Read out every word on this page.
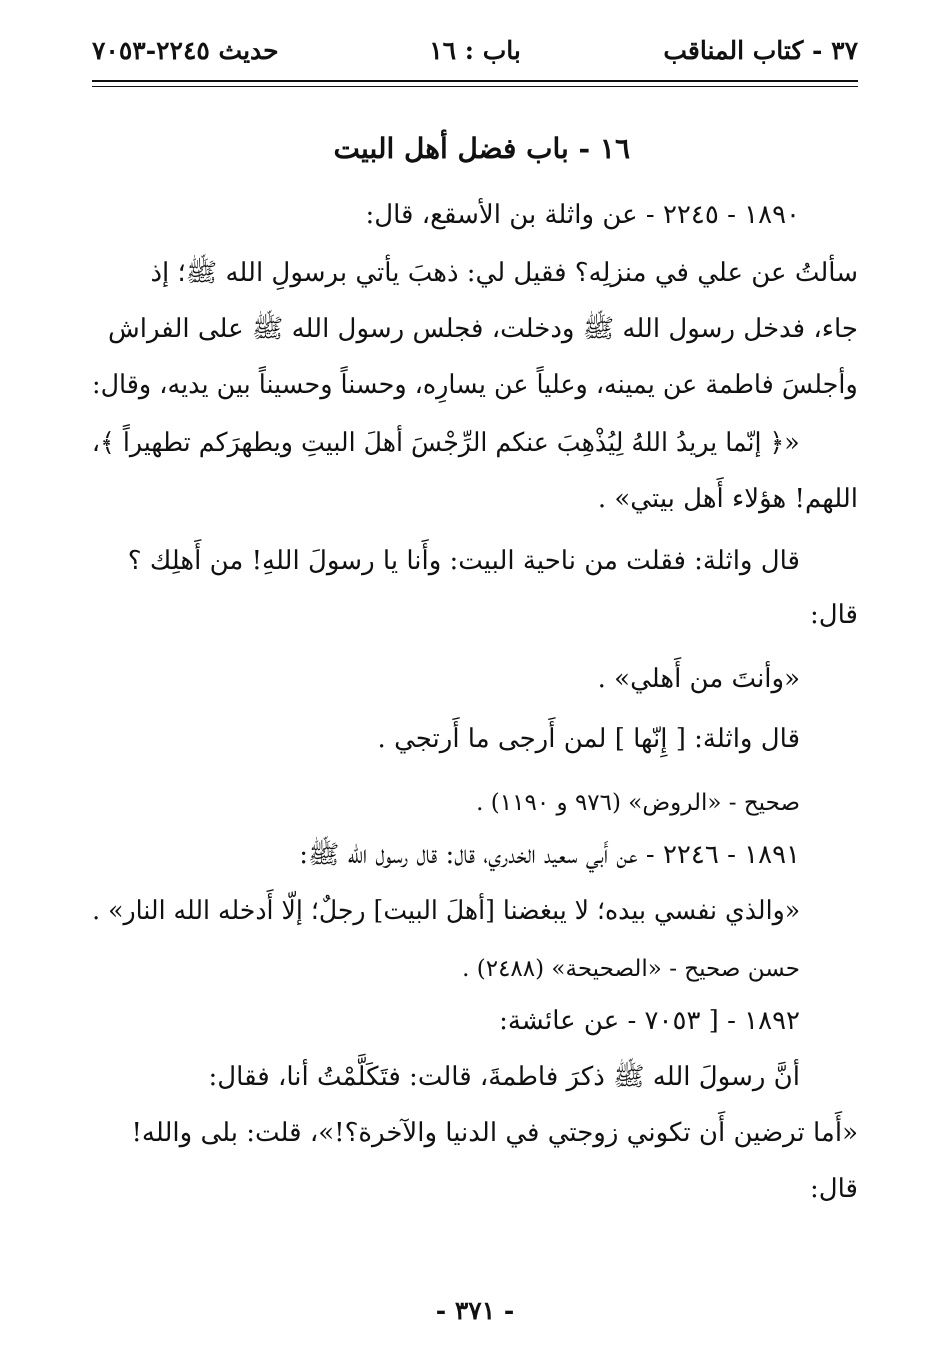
٣٧ - كتاب المناقب
باب : ١٦
حديث ٢٢٤٥-٧٠٥٣
١٦ - باب فضل أهل البيت
١٨٩٠ - ٢٢٤٥ - عن واثلة بن الأسقع، قال:
سألتُ عن علي في منزلِه؟ فقيل لي: ذهبَ يأتي برسولِ الله ﷺ؛ إذ
جاء، فدخل رسول الله ﷺ ودخلت، فجلس رسول الله ﷺ على الفراش
وأجلسَ فاطمة عن يمينه، وعلياً عن يسارِه، وحسناً وحسيناً بين يديه، وقال:
«﴿ إنّما يريدُ اللهُ لِيُذْهِبَ عنكم الرِّجْسَ أهلَ البيتِ ويطهرَكم تطهيراً ﴾،
اللهم! هؤلاء أَهل بيتي» .
قال واثلة: فقلت من ناحية البيت: وأَنا يا رسولَ اللهِ! من أَهلِك ؟
قال:
«وأنتَ من أَهلي» .
قال واثلة: [ إِنّها ] لمن أَرجى ما أَرتجي .
صحيح - «الروض» (٩٧٦ و ١١٩٠) .
١٨٩١ - ٢٢٤٦ - عن أَبي سعيد الخدري، قال: قال رسول الله ﷺ:
«والذي نفسي بيده؛ لا يبغضنا [أهلَ البيت] رجلٌ؛ إلّا أَدخله الله النار» .
حسن صحيح - «الصحيحة» (٢٤٨٨) .
١٨٩٢ - [ ٧٠٥٣ - عن عائشة:
أنَّ رسولَ الله ﷺ ذكرَ فاطمةَ، قالت: فتَكَلَّمْتُ أنا، فقال:
«أَما ترضين أَن تكوني زوجتي في الدنيا والآخرة؟!»، قلت: بلى والله!
قال:
- ٣٧١ -
